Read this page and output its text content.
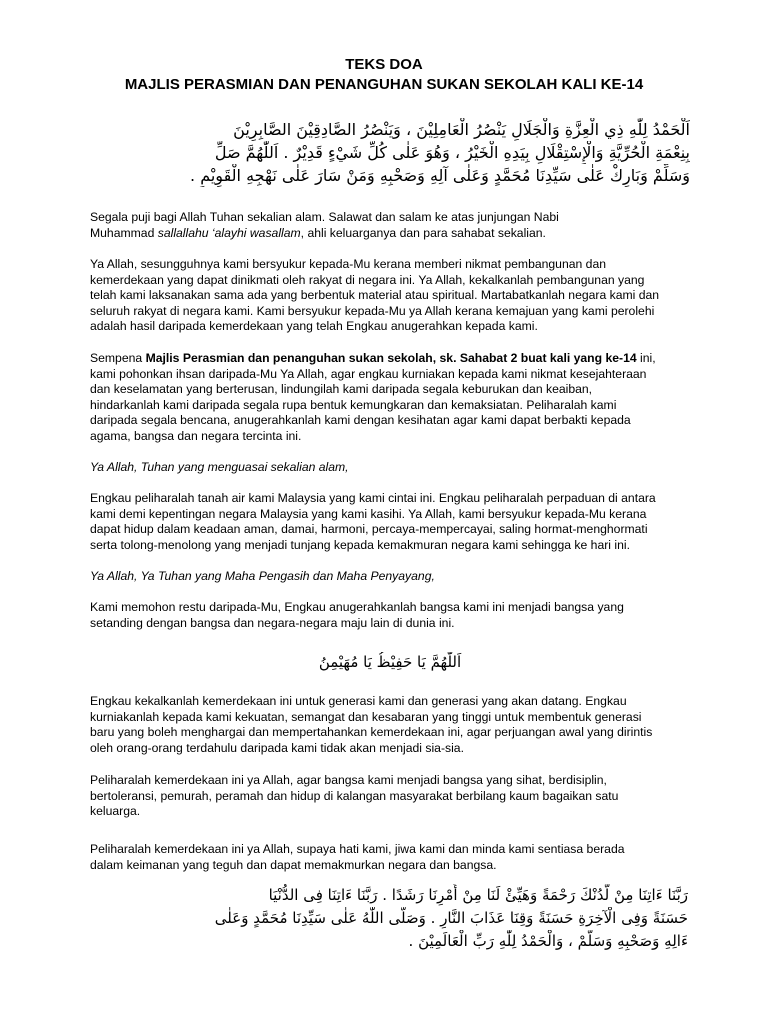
TEKS DOA
MAJLIS PERASMIAN DAN PENANGUHAN SUKAN SEKOLAH KALI KE-14
اَلْحَمْدُ لِلّٰهِ ذِي الْعِزَّةِ وَالْجَلَالِ يَنْصُرُ الْعَامِلِيْنَ ، وَيَنْصُرُ الصَّادِقِيْنَ الصَّابِرِيْنَ
بِنِعْمَةِ الْحُرِّيَّةِ وَالْإِسْتِقْلَالِ بِيَدِهِ الْخَيْرُ ، وَهُوَ عَلٰى كُلِّ شَيْءٍ قَدِيْرٌ . اَللّٰهُمَّ صَلِّ
وَسَلِّمْ وَبَارِكْ عَلٰى سَيِّدِنَا مُحَمَّدٍ وَعَلٰى آلِهِ وَصَحْبِهِ وَمَنْ سَارَ عَلٰى نَهْجِهِ الْقَوِيْمِ .
Segala puji bagi Allah Tuhan sekalian alam. Salawat dan salam ke atas junjungan Nabi
Muhammad sallallahu ‘alayhi wasallam, ahli keluarganya dan para sahabat sekalian.
Ya Allah, sesungguhnya kami bersyukur kepada-Mu kerana memberi nikmat pembangunan dan
kemerdekaan yang dapat dinikmati oleh rakyat di negara ini. Ya Allah, kekalkanlah pembangunan yang
telah kami laksanakan sama ada yang berbentuk material atau spiritual. Martabatkanlah negara kami dan
seluruh rakyat di negara kami. Kami bersyukur kepada-Mu ya Allah kerana kemajuan yang kami perolehi
adalah hasil daripada kemerdekaan yang telah Engkau anugerahkan kepada kami.
Sempena Majlis Perasmian dan penanguhan sukan sekolah, sk. Sahabat 2 buat kali yang ke-14 ini,
kami pohonkan ihsan daripada-Mu Ya Allah, agar engkau kurniakan kepada kami nikmat kesejahteraan
dan keselamatan yang berterusan, lindungilah kami daripada segala keburukan dan keaiban,
hindarkanlah kami daripada segala rupa bentuk kemungkaran dan kemaksiatan. Peliharalah kami
daripada segala bencana, anugerahkanlah kami dengan kesihatan agar kami dapat berbakti kepada
agama, bangsa dan negara tercinta ini.
Ya Allah, Tuhan yang menguasai sekalian alam,
Engkau peliharalah tanah air kami Malaysia yang kami cintai ini. Engkau peliharalah perpaduan di antara
kami demi kepentingan negara Malaysia yang kami kasihi. Ya Allah, kami bersyukur kepada-Mu kerana
dapat hidup dalam keadaan aman, damai, harmoni, percaya-mempercayai, saling hormat-menghormati
serta tolong-menolong yang menjadi tunjang kepada kemakmuran negara kami sehingga ke hari ini.
Ya Allah, Ya Tuhan yang Maha Pengasih dan Maha Penyayang,
Kami memohon restu daripada-Mu, Engkau anugerahkanlah bangsa kami ini menjadi bangsa yang
setanding dengan bangsa dan negara-negara maju lain di dunia ini.
اَللّٰهُمَّ يَا حَفِيْظُ يَا مُهَيْمِنُ
Engkau kekalkanlah kemerdekaan ini untuk generasi kami dan generasi yang akan datang. Engkau
kurniakanlah kepada kami kekuatan, semangat dan kesabaran yang tinggi untuk membentuk generasi
baru yang boleh menghargai dan mempertahankan kemerdekaan ini, agar perjuangan awal yang dirintis
oleh orang-orang terdahulu daripada kami tidak akan menjadi sia-sia.
Peliharalah kemerdekaan ini ya Allah, agar bangsa kami menjadi bangsa yang sihat, berdisiplin,
bertoleransi, pemurah, peramah dan hidup di kalangan masyarakat berbilang kaum bagaikan satu
keluarga.
Peliharalah kemerdekaan ini ya Allah, supaya hati kami, jiwa kami dan minda kami sentiasa berada
dalam keimanan yang teguh dan dapat memakmurkan negara dan bangsa.
رَبَّنَا ءَاتِنَا مِنْ لَّدُنْكَ رَحْمَةً وَهَيِّئْ لَنَا مِنْ أَمْرِنَا رَشَدًا . رَبَّنَا ءَاتِنَا فِى الدُّنْيَا
حَسَنَةً وَفِى الْآخِرَةِ حَسَنَةً وَقِنَا عَذَابَ النَّارِ . وَصَلَّى اللّٰهُ عَلٰى سَيِّدِنَا مُحَمَّدٍ وَعَلٰى
ءَالِهِ وَصَحْبِهِ وَسَلَّمْ ، وَالْحَمْدُ لِلّٰهِ رَبِّ الْعَالَمِيْنَ .
